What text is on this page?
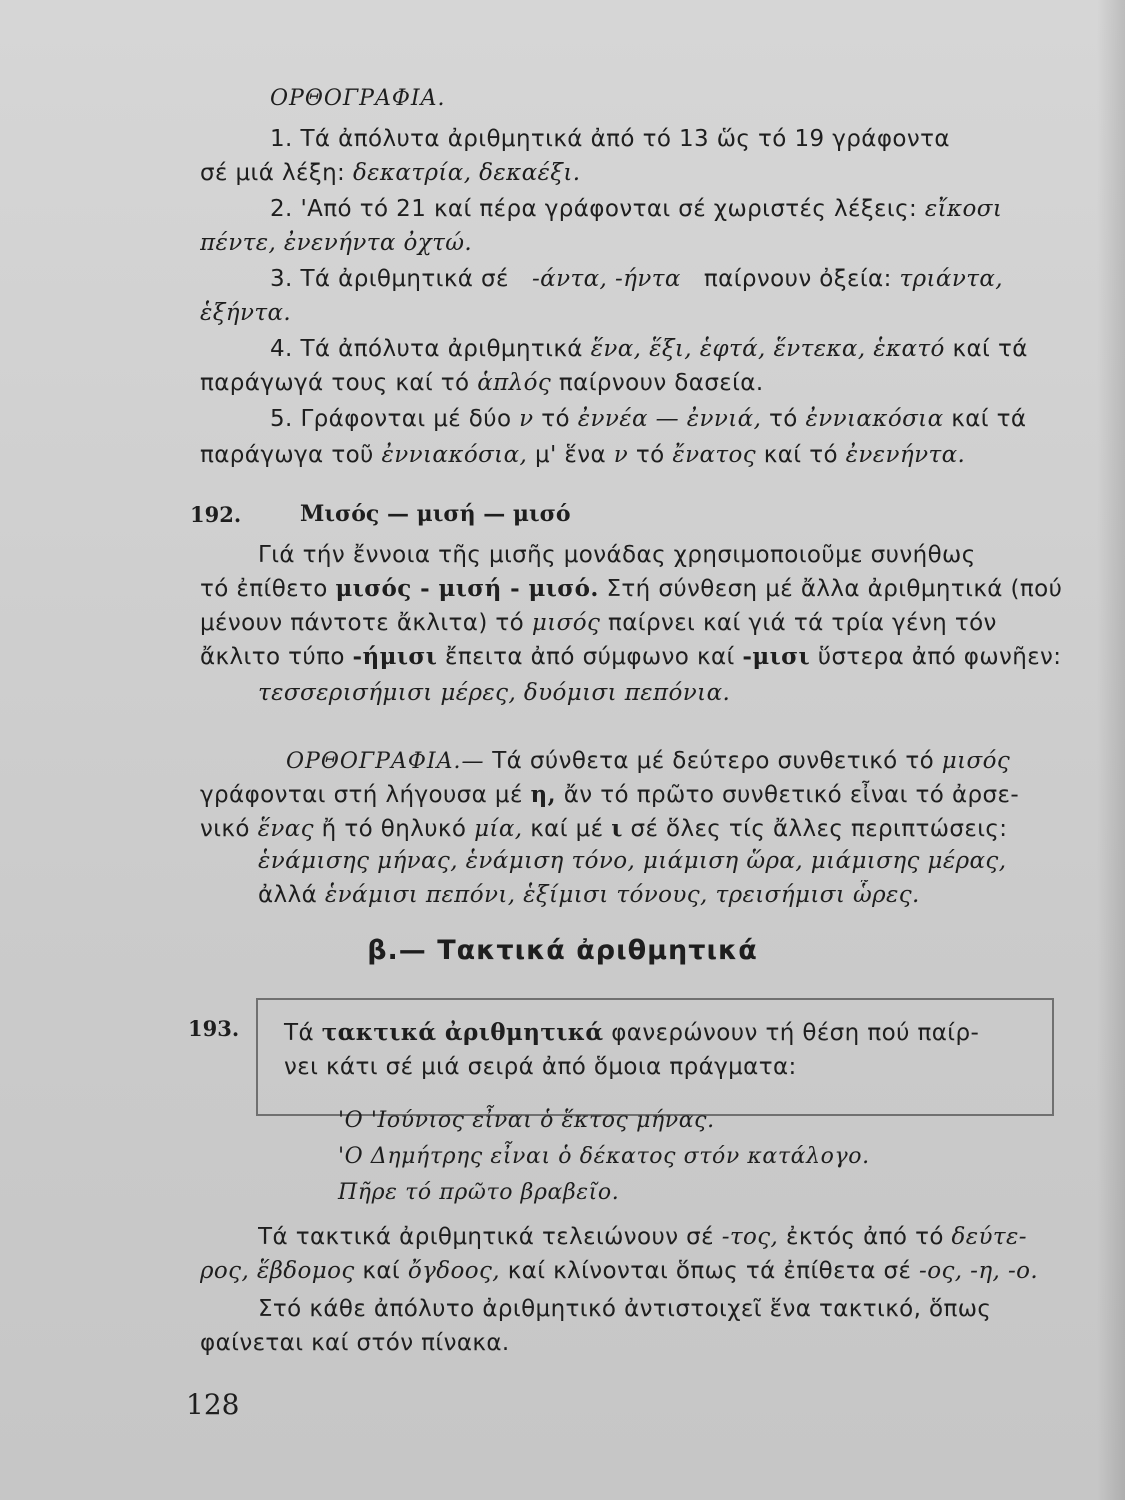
ΟΡΘΟΓΡΑΦΙΑ.
1. Τά ἀπόλυτα ἀριθμητικά ἀπό τό 13 ὥς τό 19 γράφοντα
σέ μιά λέξη: δεκατρία, δεκαέξι.
2. 'Από τό 21 καί πέρα γράφονται σέ χωριστές λέξεις: εἴκοσι
πέντε, ἐνενήντα ὀχτώ.
3. Τά ἀριθμητικά σέ -άντα, -ήντα παίρνουν ὀξεία: τριάντα,
ἑξήντα.
4. Τά ἀπόλυτα ἀριθμητικά ἕνα, ἕξι, ἑφτά, ἕντεκα, ἑκατό καί τά
παράγωγά τους καί τό ἁπλός παίρνουν δασεία.
5. Γράφονται μέ δύο ν τό ἐννέα — ἐννιά, τό ἐννιακόσια καί τά
παράγωγα τοῦ ἐννιακόσια, μ' ἕνα ν τό ἔνατος καί τό ἐνενήντα.
192.	Μισός — μισή — μισό
Γιά τήν ἔννοια τῆς μισῆς μονάδας χρησιμοποιοῦμε συνήθως
τό ἐπίθετο μισός - μισή - μισό. Στή σύνθεση μέ ἄλλα ἀριθμητικά (πού
μένουν πάντοτε ἄκλιτα) τό μισός παίρνει καί γιά τά τρία γένη τόν
ἄκλιτο τύπο -ήμισι ἔπειτα ἀπό σύμφωνο καί -μισι ὕστερα ἀπό φωνῆεν:
τεσσερισήμισι μέρες, δυόμισι πεπόνια.
ΟΡΘΟΓΡΑΦΙΑ.— Τά σύνθετα μέ δεύτερο συνθετικό τό μισός
γράφονται στή λήγουσα μέ η, ἄν τό πρῶτο συνθετικό εἶναι τό ἀρσε-
νικό ἕνας ἤ τό θηλυκό μία, καί μέ ι σέ ὅλες τίς ἄλλες περιπτώσεις:
ἑνάμισης μήνας, ἑνάμιση τόνο, μιάμιση ὥρα, μιάμισης μέρας,
ἀλλά ἑνάμισι πεπόνι, ἑξίμισι τόνους, τρεισήμισι ὧρες.
β.— Τακτικά ἀριθμητικά
193. Τά τακτικά ἀριθμητικά φανερώνουν τή θέση πού παίρ-
νει κάτι σέ μιά σειρά ἀπό ὅμοια πράγματα:
'Ο 'Ιούνιος εἶναι ὁ ἕκτος μήνας.
'Ο Δημήτρης εἶναι ὁ δέκατος στόν κατάλογο.
Πῆρε τό πρῶτο βραβεῖο.
Τά τακτικά ἀριθμητικά τελειώνουν σέ -τος, ἐκτός ἀπό τό δεύτε-
ρος, ἕβδομος καί ὄγδοος, καί κλίνονται ὅπως τά ἐπίθετα σέ -ος, -η, -ο.
Στό κάθε ἀπόλυτο ἀριθμητικό ἀντιστοιχεῖ ἕνα τακτικό, ὅπως
φαίνεται καί στόν πίνακα.
128
